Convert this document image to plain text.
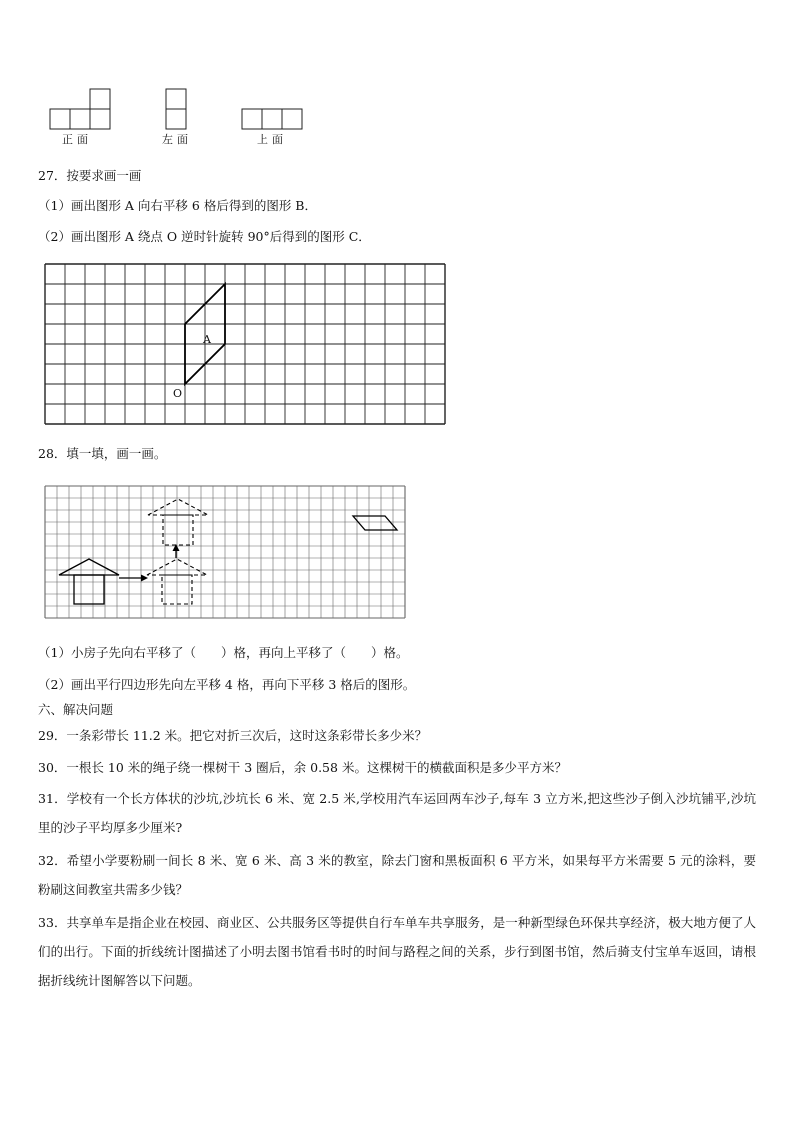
正面	左面	上面
27．按要求画一画
（1）画出图形 A 向右平移 6 格后得到的图形 B．
（2）画出图形 A 绕点 O 逆时针旋转 90°后得到的图形 C．
A
O
28．填一填，画一画。
（1）小房子先向右平移了（　　）格，再向上平移了（　　）格。
（2）画出平行四边形先向左平移 4 格，再向下平移 3 格后的图形。
六、解决问题
29．一条彩带长 11.2 米。把它对折三次后，这时这条彩带长多少米？
30．一根长 10 米的绳子绕一棵树干 3 圈后，余 0.58 米。这棵树干的横截面积是多少平方米？
31．学校有一个长方体状的沙坑,沙坑长 6 米、宽 2.5 米,学校用汽车运回两车沙子,每车 3 立方米,把这些沙子倒入沙坑铺平,沙坑里的沙子平均厚多少厘米?
32．希望小学要粉刷一间长 8 米、宽 6 米、高 3 米的教室，除去门窗和黑板面积 6 平方米，如果每平方米需要 5 元的涂料，要粉刷这间教室共需多少钱？
33．共享单车是指企业在校园、商业区、公共服务区等提供自行车单车共享服务，是一种新型绿色环保共享经济，极大地方便了人们的出行。下面的折线统计图描述了小明去图书馆看书时的时间与路程之间的关系，步行到图书馆，然后骑支付宝单车返回，请根据折线统计图解答以下问题。
